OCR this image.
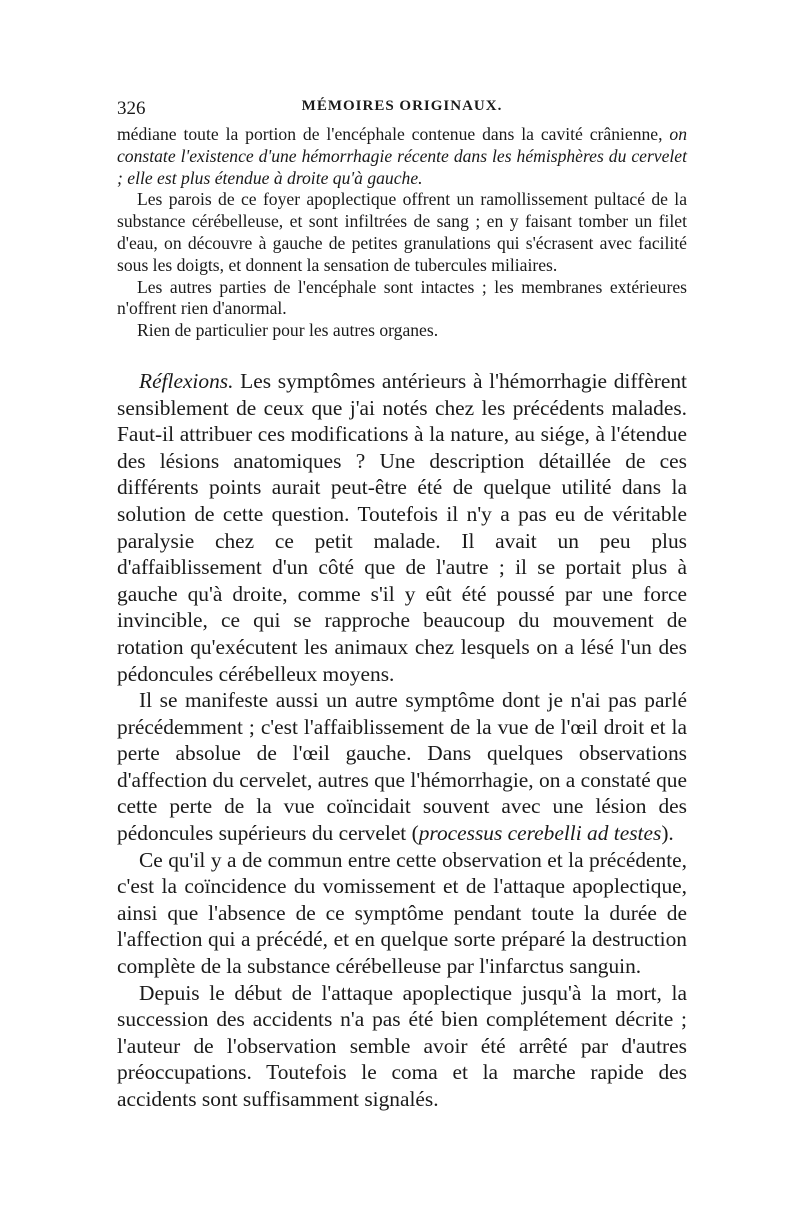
326	MÉMOIRES ORIGINAUX.

médiane toute la portion de l'encéphale contenue dans la cavité crânienne, on constate l'existence d'une hémorrhagie récente dans les hémisphères du cervelet ; elle est plus étendue à droite qu'à gauche.

Les parois de ce foyer apoplectique offrent un ramollissement pultacé de la substance cérébelleuse, et sont infiltrées de sang ; en y faisant tomber un filet d'eau, on découvre à gauche de petites granulations qui s'écrasent avec facilité sous les doigts, et donnent la sensation de tubercules miliaires.

Les autres parties de l'encéphale sont intactes ; les membranes extérieures n'offrent rien d'anormal.

Rien de particulier pour les autres organes.

Réflexions. Les symptômes antérieurs à l'hémorrhagie diffèrent sensiblement de ceux que j'ai notés chez les précédents malades. Faut-il attribuer ces modifications à la nature, au siége, à l'étendue des lésions anatomiques ? Une description détaillée de ces différents points aurait peut-être été de quelque utilité dans la solution de cette question. Toutefois il n'y a pas eu de véritable paralysie chez ce petit malade. Il avait un peu plus d'affaiblissement d'un côté que de l'autre ; il se portait plus à gauche qu'à droite, comme s'il y eût été poussé par une force invincible, ce qui se rapproche beaucoup du mouvement de rotation qu'exécutent les animaux chez lesquels on a lésé l'un des pédoncules cérébelleux moyens.

Il se manifeste aussi un autre symptôme dont je n'ai pas parlé précédemment ; c'est l'affaiblissement de la vue de l'œil droit et la perte absolue de l'œil gauche. Dans quelques observations d'affection du cervelet, autres que l'hémorrhagie, on a constaté que cette perte de la vue coïncidait souvent avec une lésion des pédoncules supérieurs du cervelet (processus cerebelli ad testes).

Ce qu'il y a de commun entre cette observation et la précédente, c'est la coïncidence du vomissement et de l'attaque apoplectique, ainsi que l'absence de ce symptôme pendant toute la durée de l'affection qui a précédé, et en quelque sorte préparé la destruction complète de la substance cérébelleuse par l'infarctus sanguin.

Depuis le début de l'attaque apoplectique jusqu'à la mort, la succession des accidents n'a pas été bien complétement décrite ; l'auteur de l'observation semble avoir été arrêté par d'autres préoccupations. Toutefois le coma et la marche rapide des accidents sont suffisamment signalés.
